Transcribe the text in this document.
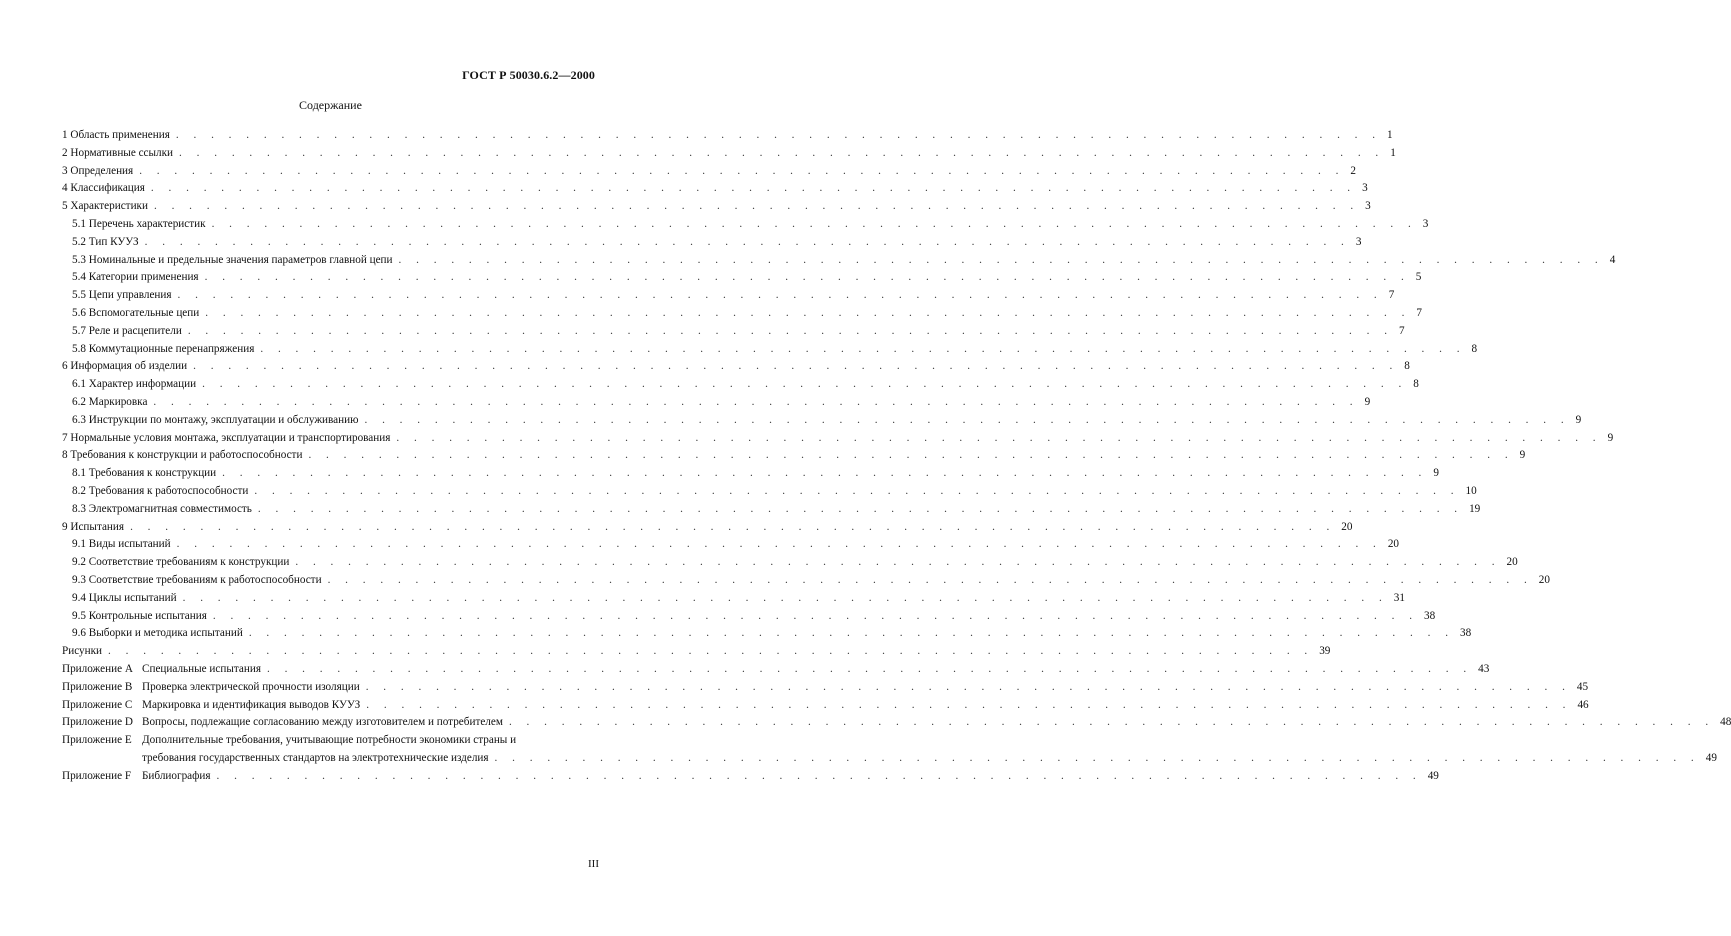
ГОСТ Р 50030.6.2—2000
Содержание
1 Область применения . . . . . . . . . . . . . . . . . . . . . . . . . . . . . . . . . . . . . . . . . . . . . . . . . . . . . . . . . . . . . . . . . . . . . 1
2 Нормативные ссылки . . . . . . . . . . . . . . . . . . . . . . . . . . . . . . . . . . . . . . . . . . . . . . . . . . . . . . . . . . . . . . . . . . . . . 1
3 Определения . . . . . . . . . . . . . . . . . . . . . . . . . . . . . . . . . . . . . . . . . . . . . . . . . . . . . . . . . . . . . . . . . . . . . 2
4 Классификация . . . . . . . . . . . . . . . . . . . . . . . . . . . . . . . . . . . . . . . . . . . . . . . . . . . . . . . . . . . . . . . . . . . . . 3
5 Характеристики . . . . . . . . . . . . . . . . . . . . . . . . . . . . . . . . . . . . . . . . . . . . . . . . . . . . . . . . . . . . . . . . . . . . . 3
5.1 Перечень характеристик . . . . . . . . . . . . . . . . . . . . . . . . . . . . . . . . . . . . . . . . . . . . . . . . . . . . . . . . . . . . . . . . . . . . . 3
5.2 Тип КУУЗ . . . . . . . . . . . . . . . . . . . . . . . . . . . . . . . . . . . . . . . . . . . . . . . . . . . . . . . . . . . . . . . . . . . . . 3
5.3 Номинальные и предельные значения параметров главной цепи . . . . . . . . . . . . . . . . . . . . . . . . . . . . . . . . . . . . . . . . . . . . . . . . . . . . . . . . . . . . . . . . . . . . . 4
5.4 Категории применения . . . . . . . . . . . . . . . . . . . . . . . . . . . . . . . . . . . . . . . . . . . . . . . . . . . . . . . . . . . . . . . . . . . . . 5
5.5 Цепи управления . . . . . . . . . . . . . . . . . . . . . . . . . . . . . . . . . . . . . . . . . . . . . . . . . . . . . . . . . . . . . . . . . . . . . 7
5.6 Вспомогательные цепи . . . . . . . . . . . . . . . . . . . . . . . . . . . . . . . . . . . . . . . . . . . . . . . . . . . . . . . . . . . . . . . . . . . . . 7
5.7 Реле и расцепители . . . . . . . . . . . . . . . . . . . . . . . . . . . . . . . . . . . . . . . . . . . . . . . . . . . . . . . . . . . . . . . . . . . . . 7
5.8 Коммутационные перенапряжения . . . . . . . . . . . . . . . . . . . . . . . . . . . . . . . . . . . . . . . . . . . . . . . . . . . . . . . . . . . . . . . . . . . . . 8
6 Информация об изделии . . . . . . . . . . . . . . . . . . . . . . . . . . . . . . . . . . . . . . . . . . . . . . . . . . . . . . . . . . . . . . . . . . . . . 8
6.1 Характер информации . . . . . . . . . . . . . . . . . . . . . . . . . . . . . . . . . . . . . . . . . . . . . . . . . . . . . . . . . . . . . . . . . . . . . 8
6.2 Маркировка . . . . . . . . . . . . . . . . . . . . . . . . . . . . . . . . . . . . . . . . . . . . . . . . . . . . . . . . . . . . . . . . . . . . . 9
6.3 Инструкции по монтажу, эксплуатации и обслуживанию . . . . . . . . . . . . . . . . . . . . . . . . . . . . . . . . . . . . . . . . . . . . . . . . . . . . . . . . . . . . . . . . . . . . . 9
7 Нормальные условия монтажа, эксплуатации и транспортирования . . . . . . . . . . . . . . . . . . . . . . . . . . . . . . . . . . . . . . . . . . . . . . . . . . . . . . . . . . . . . . . . . . . . . 9
8 Требования к конструкции и работоспособности . . . . . . . . . . . . . . . . . . . . . . . . . . . . . . . . . . . . . . . . . . . . . . . . . . . . . . . . . . . . . . . . . . . . . 9
8.1 Требования к конструкции . . . . . . . . . . . . . . . . . . . . . . . . . . . . . . . . . . . . . . . . . . . . . . . . . . . . . . . . . . . . . . . . . . . . . 9
8.2 Требования к работоспособности . . . . . . . . . . . . . . . . . . . . . . . . . . . . . . . . . . . . . . . . . . . . . . . . . . . . . . . . . . . . . . . . . . . . . 10
8.3 Электромагнитная совместимость . . . . . . . . . . . . . . . . . . . . . . . . . . . . . . . . . . . . . . . . . . . . . . . . . . . . . . . . . . . . . . . . . . . . . 19
9 Испытания . . . . . . . . . . . . . . . . . . . . . . . . . . . . . . . . . . . . . . . . . . . . . . . . . . . . . . . . . . . . . . . . . . . . . 20
9.1 Виды испытаний . . . . . . . . . . . . . . . . . . . . . . . . . . . . . . . . . . . . . . . . . . . . . . . . . . . . . . . . . . . . . . . . . . . . . 20
9.2 Соответствие требованиям к конструкции . . . . . . . . . . . . . . . . . . . . . . . . . . . . . . . . . . . . . . . . . . . . . . . . . . . . . . . . . . . . . . . . . . . . . 20
9.3 Соответствие требованиям к работоспособности . . . . . . . . . . . . . . . . . . . . . . . . . . . . . . . . . . . . . . . . . . . . . . . . . . . . . . . . . . . . . . . . . . . . . 20
9.4 Циклы испытаний . . . . . . . . . . . . . . . . . . . . . . . . . . . . . . . . . . . . . . . . . . . . . . . . . . . . . . . . . . . . . . . . . . . . . 31
9.5 Контрольные испытания . . . . . . . . . . . . . . . . . . . . . . . . . . . . . . . . . . . . . . . . . . . . . . . . . . . . . . . . . . . . . . . . . . . . . 38
9.6 Выборки и методика испытаний . . . . . . . . . . . . . . . . . . . . . . . . . . . . . . . . . . . . . . . . . . . . . . . . . . . . . . . . . . . . . . . . . . . . . 38
Рисунки . . . . . . . . . . . . . . . . . . . . . . . . . . . . . . . . . . . . . . . . . . . . . . . . . . . . . . . . . . . . . . . . . . . . . 39
Приложение А Специальные испытания . . . . . . . . . . . . . . . . . . . . . . . . . . . . . . . . . . . . . . . . . . . . . . . . . . . . . . . . . . . . . . . . . . . . . 43
Приложение В Проверка электрической прочности изоляции . . . . . . . . . . . . . . . . . . . . . . . . . . . . . . . . . . . . . . . . . . . . . . . . . . . . . . . . . . . . . . . . . . . . . 45
Приложение С Маркировка и идентификация выводов КУУЗ . . . . . . . . . . . . . . . . . . . . . . . . . . . . . . . . . . . . . . . . . . . . . . . . . . . . . . . . . . . . . . . . . . . . . 46
Приложение D Вопросы, подлежащие согласованию между изготовителем и потребителем . . . . . . . . . . . . . . . . . . . . . . . . . . . . . . . . . . . . . . . . . . . . . . . . . . . . . . . . . . . . . . . . . . . . . 48
Приложение Е Дополнительные требования, учитывающие потребности экономики страны и
требования государственных стандартов на электротехнические изделия . . . . . . . . . . . . . . . . . . . . . . . . . . . . . . . . . . . . . . . . . . . . . . . . . . . . . . . . . . . . . . . . . . . . . 49
Приложение F Библиография . . . . . . . . . . . . . . . . . . . . . . . . . . . . . . . . . . . . . . . . . . . . . . . . . . . . . . . . . . . . . . . . . . . . . 49
III
